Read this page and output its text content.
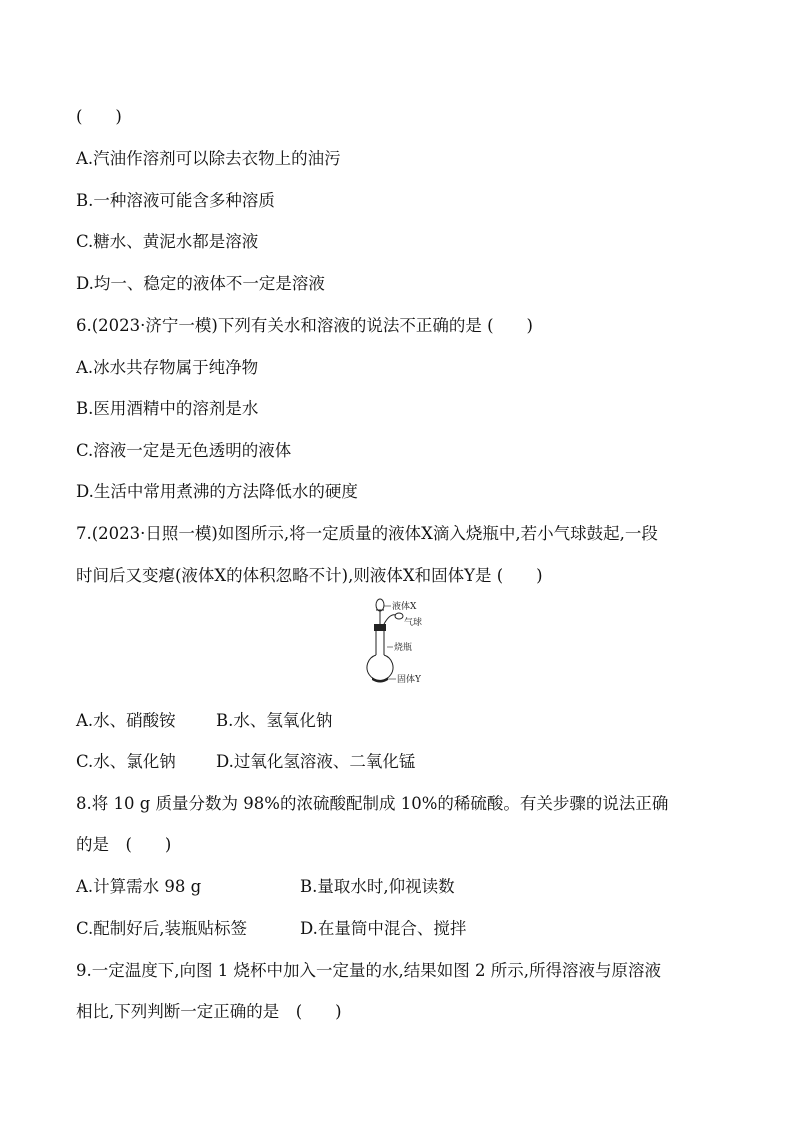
(　　)
A.汽油作溶剂可以除去衣物上的油污
B.一种溶液可能含多种溶质
C.糖水、黄泥水都是溶液
D.均一、稳定的液体不一定是溶液
6.(2023·济宁一模)下列有关水和溶液的说法不正确的是 (　　)
A.冰水共存物属于纯净物
B.医用酒精中的溶剂是水
C.溶液一定是无色透明的液体
D.生活中常用煮沸的方法降低水的硬度
7.(2023·日照一模)如图所示,将一定质量的液体X滴入烧瓶中,若小气球鼓起,一段
时间后又变瘪(液体X的体积忽略不计),则液体X和固体Y是 (　　)
液体X
气球
烧瓶
固体Y
A.水、硝酸铵 B.水、氢氧化钠
C.水、氯化钠 D.过氧化氢溶液、二氧化锰
8.将 10 g 质量分数为 98%的浓硫酸配制成 10%的稀硫酸。有关步骤的说法正确
的是　(　　)
A.计算需水 98 g	B.量取水时,仰视读数
C.配制好后,装瓶贴标签	D.在量筒中混合、搅拌
9.一定温度下,向图 1 烧杯中加入一定量的水,结果如图 2 所示,所得溶液与原溶液
相比,下列判断一定正确的是　(　　)
